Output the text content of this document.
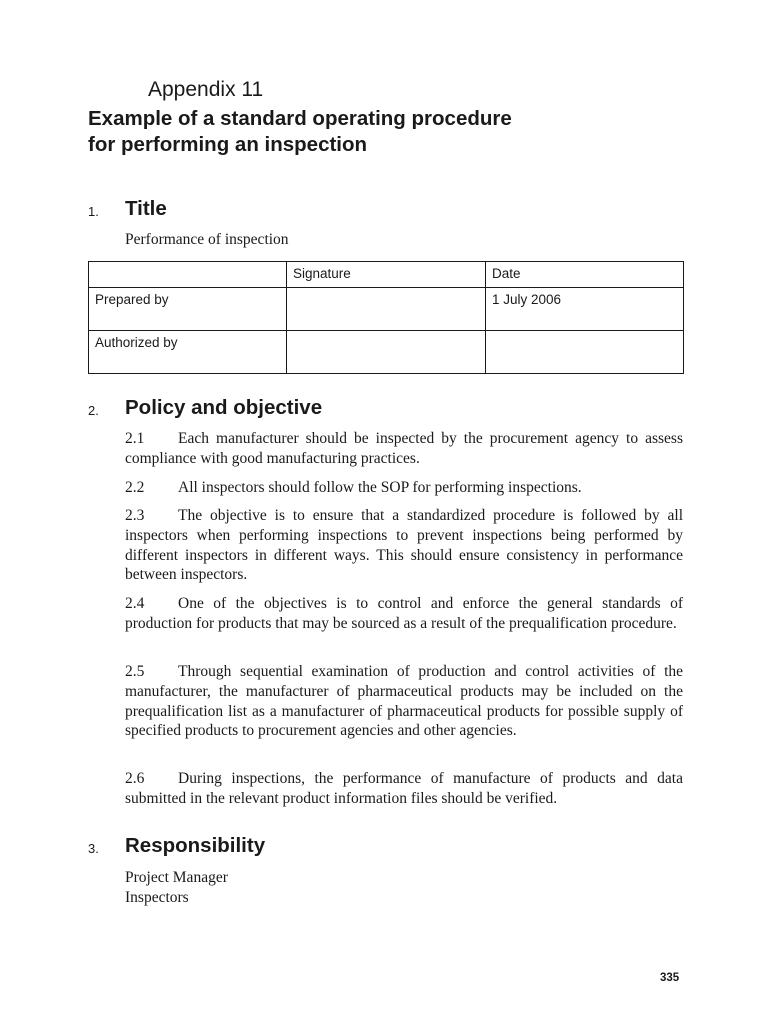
Appendix 11
Example of a standard operating procedure
for performing an inspection
1. Title

Performance of inspection

	Signature	Date
Prepared by		1 July 2006
Authorized by		
2. Policy and objective

2.1 Each manufacturer should be inspected by the procurement agency to assess compliance with good manufacturing practices.

2.2 All inspectors should follow the SOP for performing inspections.

2.3 The objective is to ensure that a standardized procedure is followed by all inspectors when performing inspections to prevent inspections being performed by different inspectors in different ways. This should ensure consistency in performance between inspectors.

2.4 One of the objectives is to control and enforce the general standards of production for products that may be sourced as a result of the prequalification procedure.

2.5 Through sequential examination of production and control activities of the manufacturer, the manufacturer of pharmaceutical products may be included on the prequalification list as a manufacturer of pharmaceutical products for possible supply of specified products to procurement agencies and other agencies.

2.6 During inspections, the performance of manufacture of products and data submitted in the relevant product information files should be verified.

3. Responsibility

Project Manager

Inspectors

335
